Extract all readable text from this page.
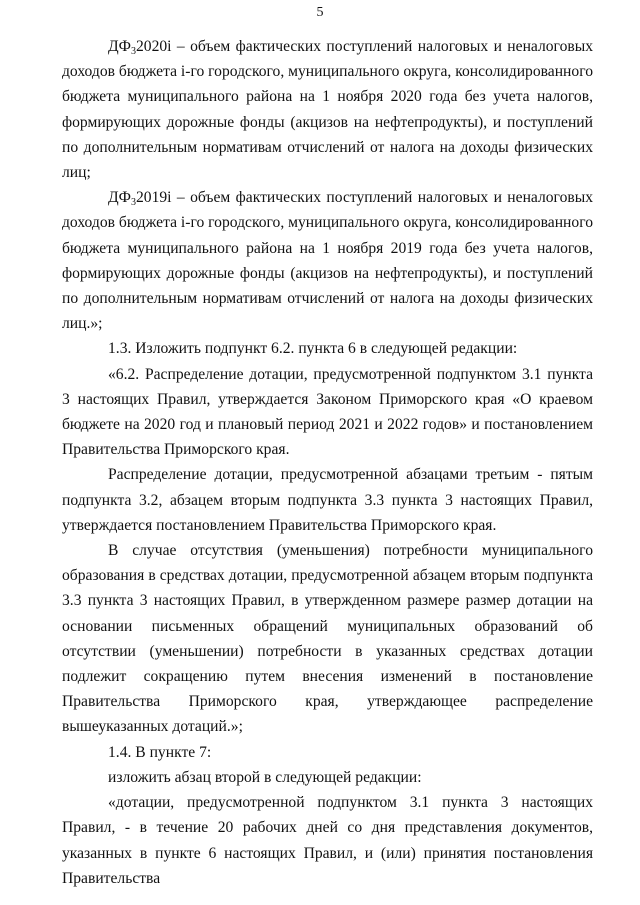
5

$ДФ_32020i$ – объем фактических поступлений налоговых и неналоговых доходов бюджета i-го городского, муниципального округа, консолидированного бюджета муниципального района на 1 ноября 2020 года без учета налогов, формирующих дорожные фонды (акцизов на нефтепродукты), и поступлений по дополнительным нормативам отчислений от налога на доходы физических лиц;

$ДФ_32019i$ – объем фактических поступлений налоговых и неналоговых доходов бюджета i-го городского, муниципального округа, консолидированного бюджета муниципального района на 1 ноября 2019 года без учета налогов, формирующих дорожные фонды (акцизов на нефтепродукты), и поступлений по дополнительным нормативам отчислений от налога на доходы физических лиц.»;

1.3. Изложить подпункт 6.2. пункта 6 в следующей редакции:

«6.2. Распределение дотации, предусмотренной подпунктом 3.1 пункта 3 настоящих Правил, утверждается Законом Приморского края «О краевом бюджете на 2020 год и плановый период 2021 и 2022 годов» и постановлением Правительства Приморского края.

Распределение дотации, предусмотренной абзацами третьим - пятым подпункта 3.2, абзацем вторым подпункта 3.3 пункта 3 настоящих Правил, утверждается постановлением Правительства Приморского края.

В случае отсутствия (уменьшения) потребности муниципального образования в средствах дотации, предусмотренной абзацем вторым подпункта 3.3 пункта 3 настоящих Правил, в утвержденном размере размер дотации на основании письменных обращений муниципальных образований об отсутствии (уменьшении) потребности в указанных средствах дотации подлежит сокращению путем внесения изменений в постановление Правительства Приморского края, утверждающее распределение вышеуказанных дотаций.»;

1.4. В пункте 7:

изложить абзац второй в следующей редакции:

«дотации, предусмотренной подпунктом 3.1 пункта 3 настоящих Правил, - в течение 20 рабочих дней со дня представления документов, указанных в пункте 6 настоящих Правил, и (или) принятия постановления Правительства
